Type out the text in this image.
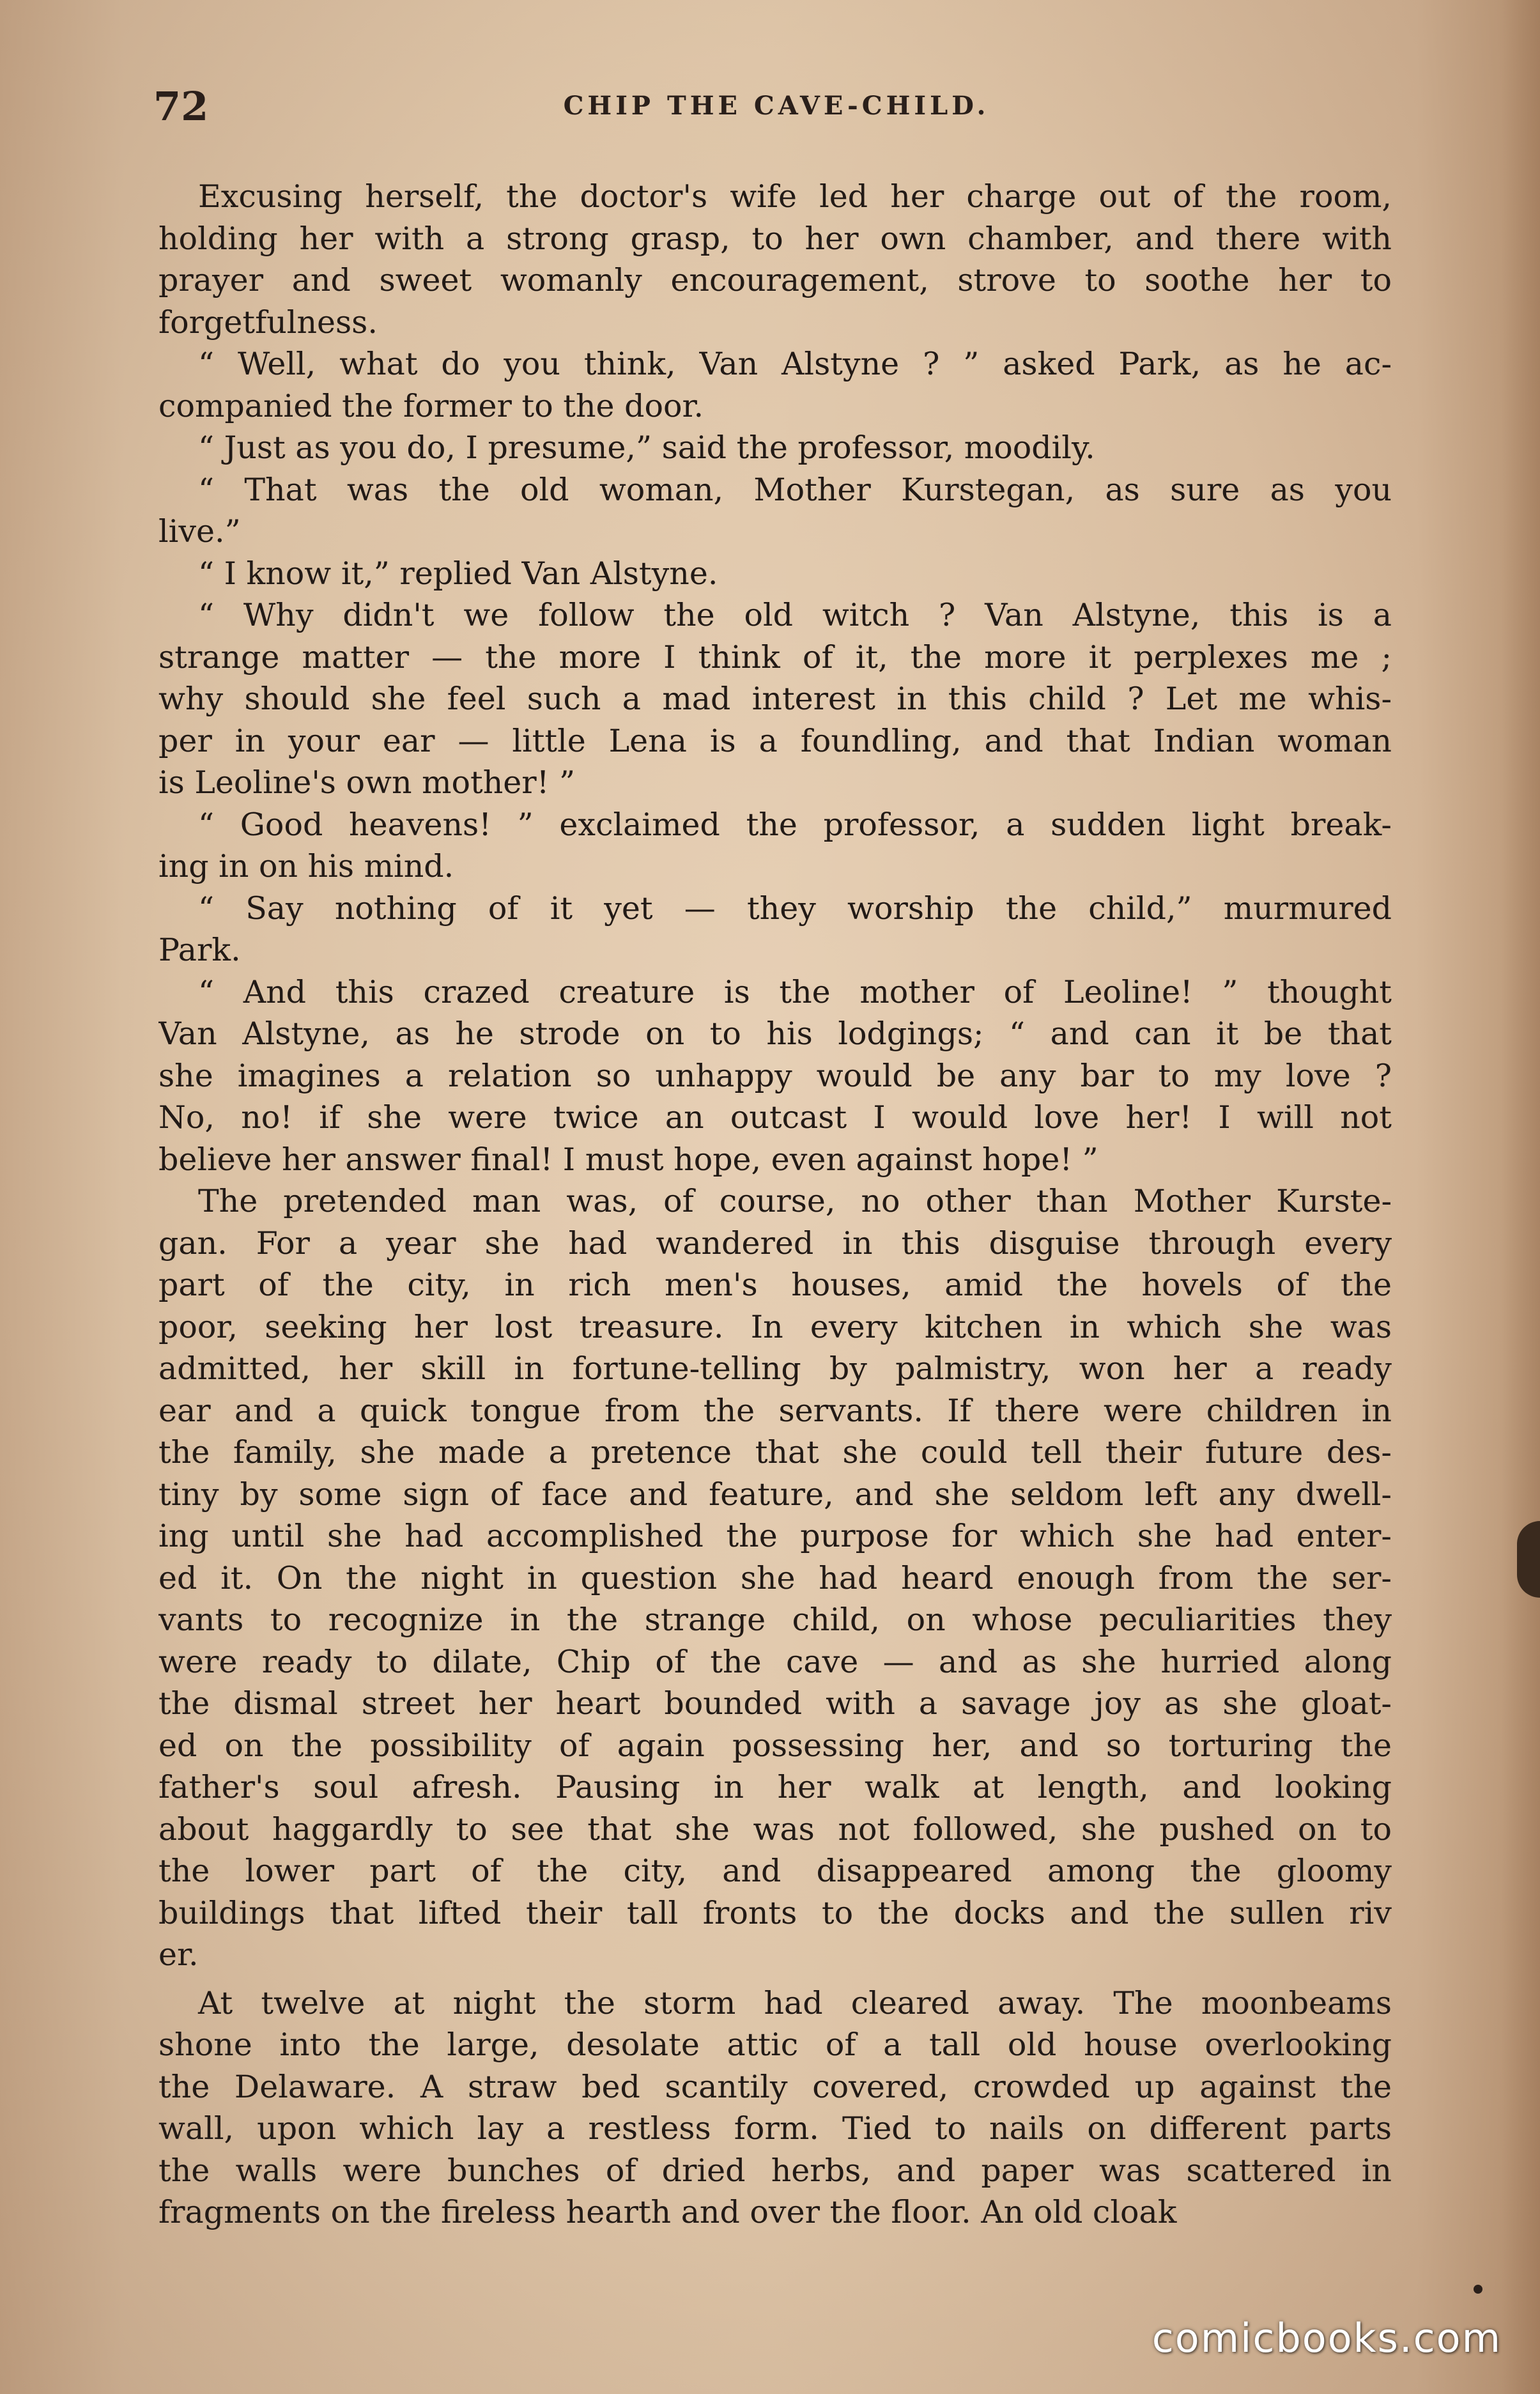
72	CHIP THE CAVE-CHILD.
Excusing herself, the doctor's wife led her charge out of the room,
holding her with a strong grasp, to her own chamber, and there with
prayer and sweet womanly encouragement, strove to soothe her to
forgetfulness.
“ Well, what do you think, Van Alstyne ? ” asked Park, as he ac-
companied the former to the door.
“ Just as you do, I presume,” said the professor, moodily.
“ That was the old woman, Mother Kurstegan, as sure as you
live.”
“ I know it,” replied Van Alstyne.
“ Why didn't we follow the old witch ? Van Alstyne, this is a
strange matter — the more I think of it, the more it perplexes me ;
why should she feel such a mad interest in this child ? Let me whis-
per in your ear — little Lena is a foundling, and that Indian woman
is Leoline's own mother! ”
“ Good heavens! ” exclaimed the professor, a sudden light break-
ing in on his mind.
“ Say nothing of it yet — they worship the child,” murmured
Park.
“ And this crazed creature is the mother of Leoline! ” thought
Van Alstyne, as he strode on to his lodgings; “ and can it be that
she imagines a relation so unhappy would be any bar to my love ?
No, no! if she were twice an outcast I would love her! I will not
believe her answer final! I must hope, even against hope! ”
The pretended man was, of course, no other than Mother Kurste-
gan. For a year she had wandered in this disguise through every
part of the city, in rich men's houses, amid the hovels of the
poor, seeking her lost treasure. In every kitchen in which she was
admitted, her skill in fortune-telling by palmistry, won her a ready
ear and a quick tongue from the servants. If there were children in
the family, she made a pretence that she could tell their future des-
tiny by some sign of face and feature, and she seldom left any dwell-
ing until she had accomplished the purpose for which she had enter-
ed it. On the night in question she had heard enough from the ser-
vants to recognize in the strange child, on whose peculiarities they
were ready to dilate, Chip of the cave — and as she hurried along
the dismal street her heart bounded with a savage joy as she gloat-
ed on the possibility of again possessing her, and so torturing the
father's soul afresh. Pausing in her walk at length, and looking
about haggardly to see that she was not followed, she pushed on to
the lower part of the city, and disappeared among the gloomy
buildings that lifted their tall fronts to the docks and the sullen riv
er.
At twelve at night the storm had cleared away. The moonbeams
shone into the large, desolate attic of a tall old house overlooking
the Delaware. A straw bed scantily covered, crowded up against the
wall, upon which lay a restless form. Tied to nails on different parts
the walls were bunches of dried herbs, and paper was scattered in
fragments on the fireless hearth and over the floor. An old cloak
comicbooks.com
